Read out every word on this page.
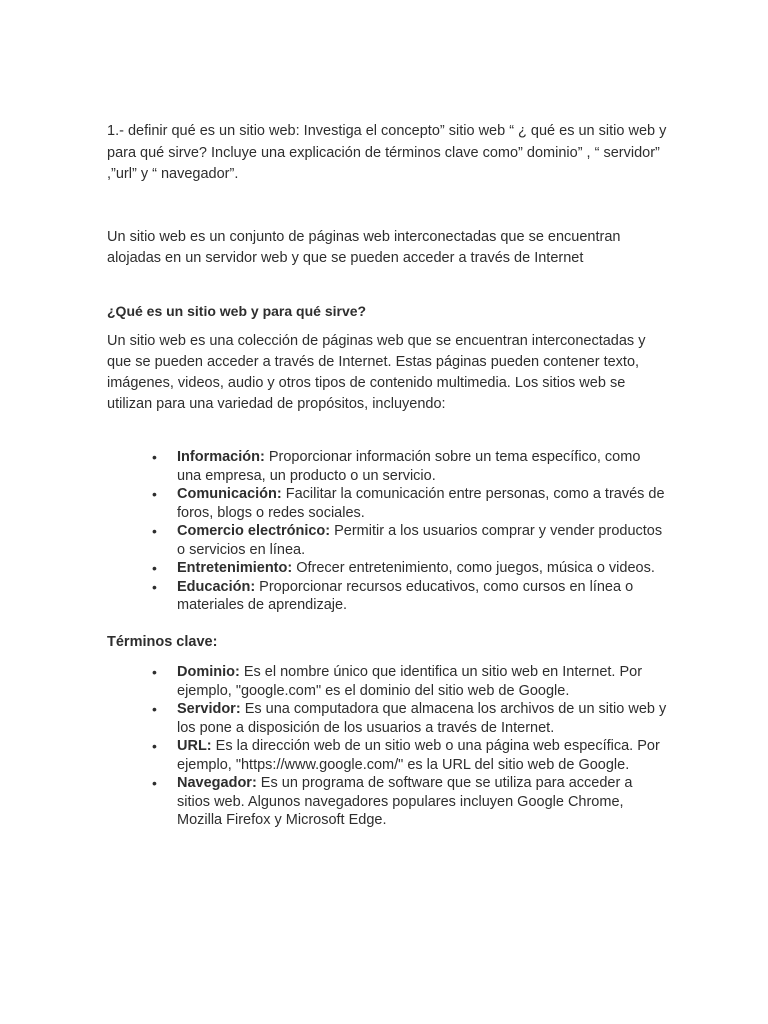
1.- definir qué es un sitio web: Investiga el concepto” sitio web “ ¿ qué es un sitio web y para qué sirve? Incluye una explicación de términos clave como” dominio” , “ servidor” ,”url” y “ navegador”.

Un sitio web es un conjunto de páginas web interconectadas que se encuentran alojadas en un servidor web y que se pueden acceder a través de Internet

¿Qué es un sitio web y para qué sirve?

Un sitio web es una colección de páginas web que se encuentran interconectadas y que se pueden acceder a través de Internet. Estas páginas pueden contener texto, imágenes, videos, audio y otros tipos de contenido multimedia. Los sitios web se utilizan para una variedad de propósitos, incluyendo:

• Información: Proporcionar información sobre un tema específico, como una empresa, un producto o un servicio.
• Comunicación: Facilitar la comunicación entre personas, como a través de foros, blogs o redes sociales.
• Comercio electrónico: Permitir a los usuarios comprar y vender productos o servicios en línea.
• Entretenimiento: Ofrecer entretenimiento, como juegos, música o videos.
• Educación: Proporcionar recursos educativos, como cursos en línea o materiales de aprendizaje.

Términos clave:

• Dominio: Es el nombre único que identifica un sitio web en Internet. Por ejemplo, "google.com" es el dominio del sitio web de Google.
• Servidor: Es una computadora que almacena los archivos de un sitio web y los pone a disposición de los usuarios a través de Internet.
• URL: Es la dirección web de un sitio web o una página web específica. Por ejemplo, "https://www.google.com/" es la URL del sitio web de Google.
• Navegador: Es un programa de software que se utiliza para acceder a sitios web. Algunos navegadores populares incluyen Google Chrome, Mozilla Firefox y Microsoft Edge.
